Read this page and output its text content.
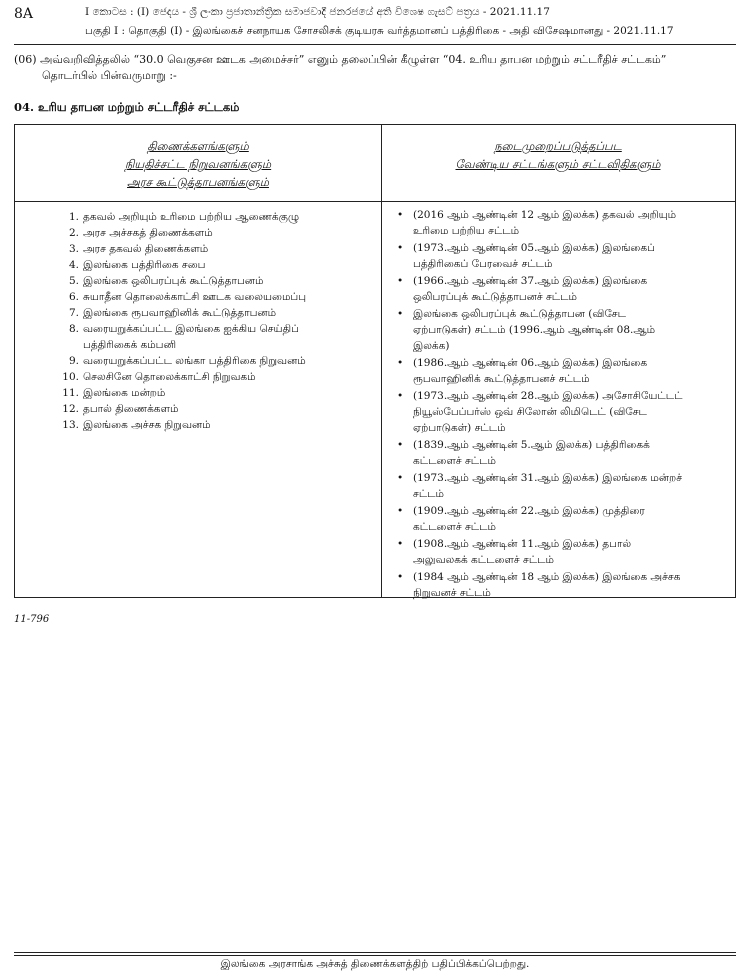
8A	I කොටස : (I) ජෙදය - ශ්‍රී ලංකා ප්‍රජාතාන්ත්‍රික සමාජවාදී ජනරජයේ අති විශෙෂ ගැසට් පත්‍රය - 2021.11.17
பகுதி I : தொகுதி (I) - இலங்கைச் சனநாயக சோசலிசக் குடியரசு வர்த்தமானப் பத்திரிகை - அதி விசேஷமானது - 2021.11.17
(06) அவ்வறிவித்தலில் “30.0 வெகுசன ஊடக அமைச்சர்” எனும் தலைப்பின் கீழுள்ள “04. உரிய தாபன மற்றும் சட்டரீதிச் சட்டகம்”
தொடர்பில் பின்வருமாறு :-
04. உரிய தாபன மற்றும் சட்டரீதிச் சட்டகம்
திணைக்களங்களும்
நியதிச்சட்ட நிறுவனங்களும்
அரச கூட்டுத்தாபனங்களும்
நடைமுறைப்படுத்தப்பட
வேண்டிய சட்டங்களும் சட்டவிதிகளும்
1. தகவல் அறியும் உரிமை பற்றிய ஆணைக்குழு
2. அரச அச்சகத் திணைக்களம்
3. அரச தகவல் திணைக்களம்
4. இலங்கை பத்திரிகை சபை
5. இலங்கை ஒலிபரப்புக் கூட்டுத்தாபனம்
6. சுயாதீன தொலைக்காட்சி ஊடக வலையமைப்பு
7. இலங்கை ரூபவாஹினிக் கூட்டுத்தாபனம்
8. வரையறுக்கப்பட்ட இலங்கை ஐக்கிய செய்திப்
பத்திரிகைக் கம்பனி
9. வரையறுக்கப்பட்ட லங்கா பத்திரிகை நிறுவனம்
10. செலசினே தொலைக்காட்சி நிறுவகம்
11. இலங்கை மன்றம்
12. தபால் திணைக்களம்
13. இலங்கை அச்சக நிறுவனம்
• (2016 ஆம் ஆண்டின் 12 ஆம் இலக்க) தகவல் அறியும்
உரிமை பற்றிய சட்டம்
• (1973.ஆம் ஆண்டின் 05.ஆம் இலக்க) இலங்கைப்
பத்திரிகைப் பேரவைச் சட்டம்
• (1966.ஆம் ஆண்டின் 37.ஆம் இலக்க) இலங்கை
ஒலிபரப்புக் கூட்டுத்தாபனச் சட்டம்
• இலங்கை ஒலிபரப்புக் கூட்டுத்தாபன (விசேட
ஏற்பாடுகள்) சட்டம் (1996.ஆம் ஆண்டின் 08.ஆம்
இலக்க)
• (1986.ஆம் ஆண்டின் 06.ஆம் இலக்க) இலங்கை
ரூபவாஹினிக் கூட்டுத்தாபனச் சட்டம்
• (1973.ஆம் ஆண்டின் 28.ஆம் இலக்க) அசோசியேட்டட்
நியூஸ்பேப்பர்ஸ் ஒவ் சிலோன் லிமிடெட் (விசேட
ஏற்பாடுகள்) சட்டம்
• (1839.ஆம் ஆண்டின் 5.ஆம் இலக்க) பத்திரிகைக்
கட்டளைச் சட்டம்
• (1973.ஆம் ஆண்டின் 31.ஆம் இலக்க) இலங்கை மன்றச்
சட்டம்
• (1909.ஆம் ஆண்டின் 22.ஆம் இலக்க) முத்திரை
கட்டளைச் சட்டம்
• (1908.ஆம் ஆண்டின் 11.ஆம் இலக்க) தபால்
அலுவலகக் கட்டளைச் சட்டம்
• (1984 ஆம் ஆண்டின் 18 ஆம் இலக்க) இலங்கை அச்சக
நிறுவனச் சட்டம்
11-796
இலங்கை அரசாங்க அச்சுத் திணைக்களத்திற் பதிப்பிக்கப்பெற்றது.
